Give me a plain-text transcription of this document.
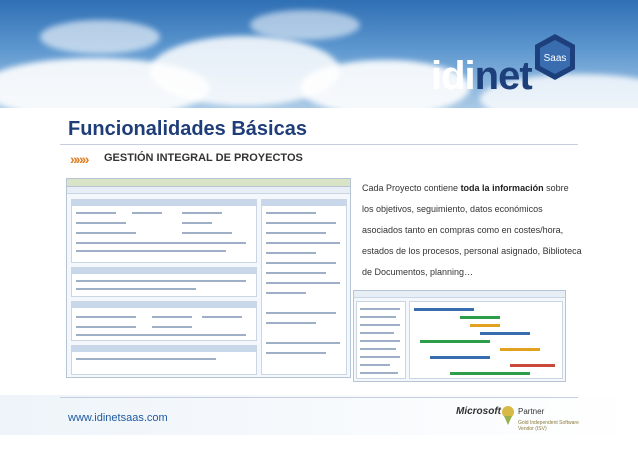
idinet Saas
Funcionalidades Básicas
»»» GESTIÓN INTEGRAL DE PROYECTOS
Cada Proyecto contiene toda la información sobre los objetivos, seguimiento, datos económicos asociados tanto en compras como en costes/hora, estados de los procesos, personal asignado, Biblioteca de Documentos, planning…
www.idinetsaas.com
Microsoft Partner
Gold Independent Software Vendor (ISV)
